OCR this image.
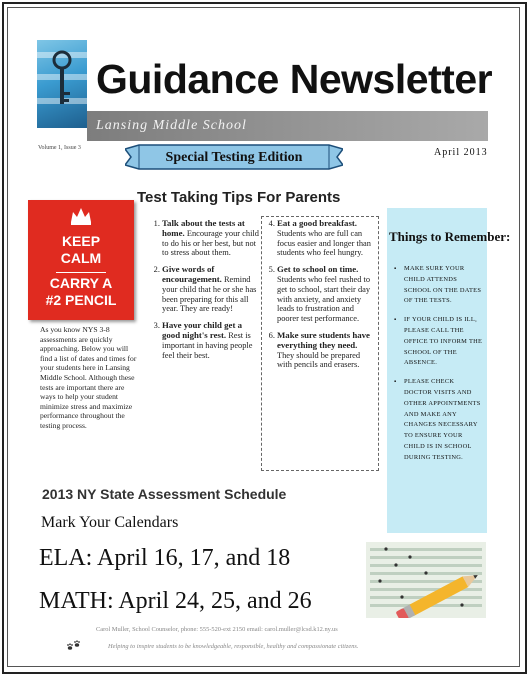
Guidance Newsletter
Lansing Middle School
Volume 1, Issue 3	April 2013
Special Testing Edition
Test Taking Tips For Parents
KEEP
CALM
CARRY A
#2 PENCIL
As you know NYS 3-8 assessments are quickly approaching. Below you will find a list of dates and times for your students here in Lansing Middle School. Although these tests are important there are ways to help your student minimize stress and maximize performance throughout the testing process.
1. Talk about the tests at home. Encourage your child to do his or her best, but not to stress about them.
2. Give words of encouragement. Remind your child that he or she has been preparing for this all year. They are ready!
3. Have your child get a good night's rest. Rest is important in having people feel their best.
4. Eat a good breakfast. Students who are full can focus easier and longer than students who feel hungry.
5. Get to school on time. Students who feel rushed to get to school, start their day with anxiety, and anxiety leads to frustration and poorer test performance.
6. Make sure students have everything they need. They should be prepared with pencils and erasers.
Things to Remember:
▪ MAKE SURE YOUR CHILD ATTENDS SCHOOL ON THE DATES OF THE TESTS.
▪ IF YOUR CHILD IS ILL, PLEASE CALL THE OFFICE TO INFORM THE SCHOOL OF THE ABSENCE.
▪ PLEASE CHECK DOCTOR VISITS AND OTHER APPOINTMENTS AND MAKE ANY CHANGES NECESSARY TO ENSURE YOUR CHILD IS IN SCHOOL DURING TESTING.
2013 NY State Assessment Schedule
Mark Your Calendars
ELA: April 16, 17, and 18
MATH: April 24, 25, and 26
Carol Muller, School Counselor, phone: 555-520-ext 2150 email: carol.muller@lcsd.k12.ny.us
Helping to inspire students to be knowledgeable, responsible, healthy and compassionate citizens.
